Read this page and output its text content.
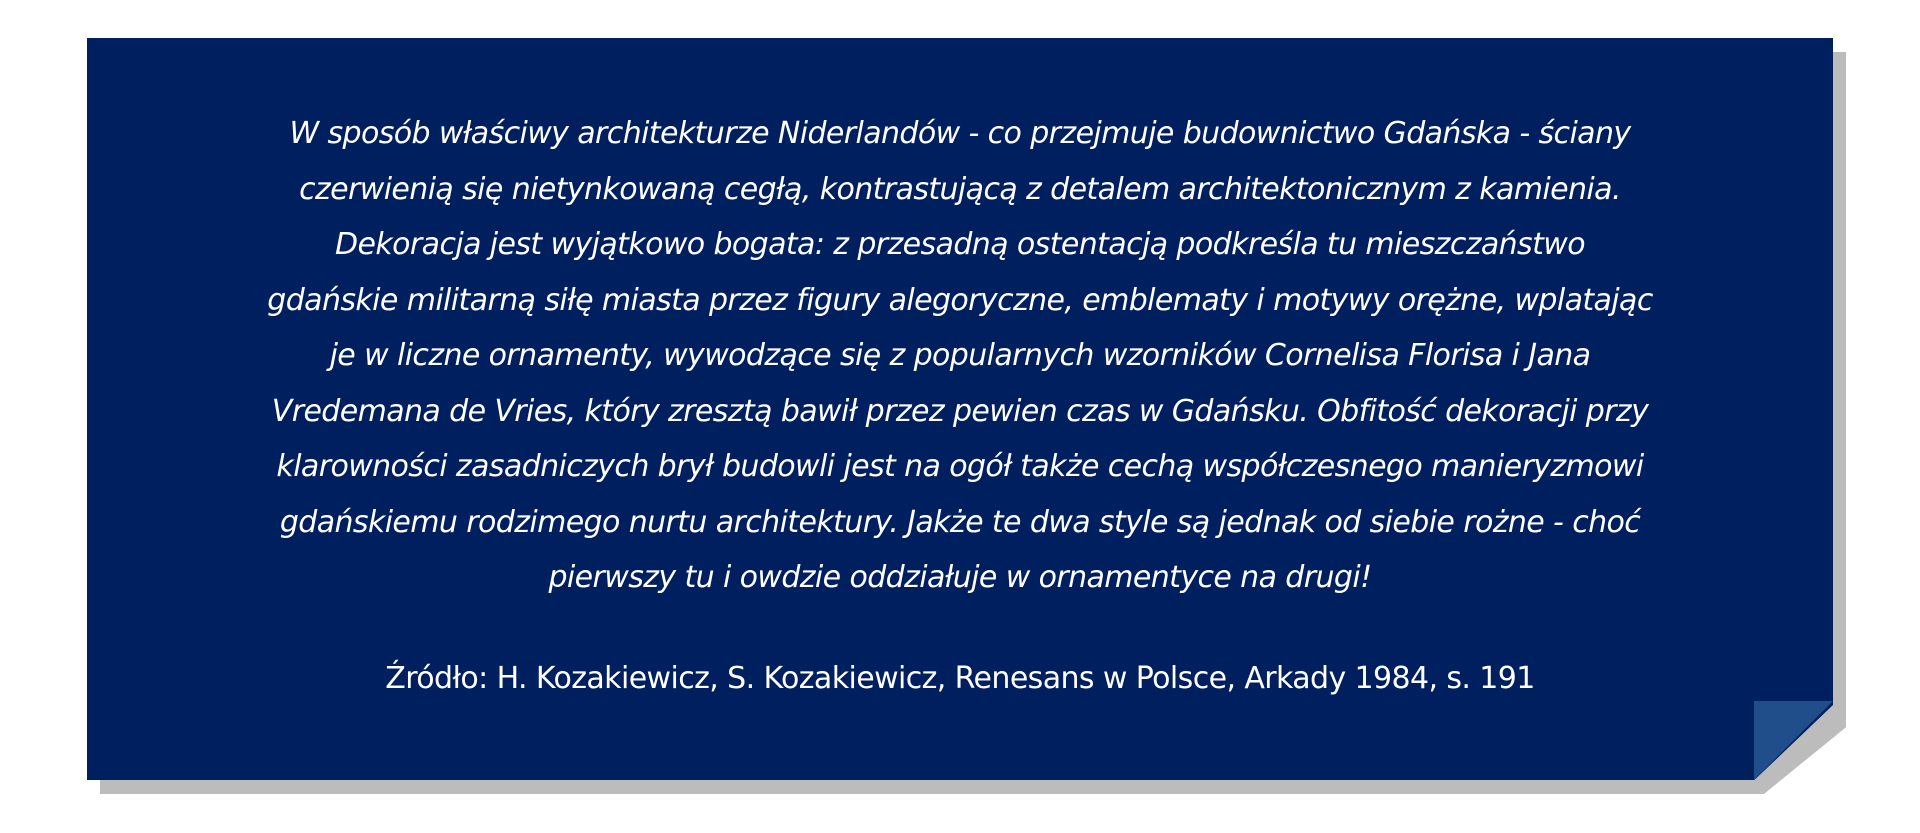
W sposób właściwy architekturze Niderlandów - co przejmuje budownictwo Gdańska - ściany
czerwienią się nietynkowaną cegłą, kontrastującą z detalem architektonicznym z kamienia.
Dekoracja jest wyjątkowo bogata: z przesadną ostentacją podkreśla tu mieszczaństwo
gdańskie militarną siłę miasta przez figury alegoryczne, emblematy i motywy orężne, wplatając
je w liczne ornamenty, wywodzące się z popularnych wzorników Cornelisa Florisa i Jana
Vredemana de Vries, który zresztą bawił przez pewien czas w Gdańsku. Obfitość dekoracji przy
klarowności zasadniczych brył budowli jest na ogół także cechą współczesnego manieryzmowi
gdańskiemu rodzimego nurtu architektury. Jakże te dwa style są jednak od siebie rożne - choć
pierwszy tu i owdzie oddziałuje w ornamentyce na drugi!

Źródło: H. Kozakiewicz, S. Kozakiewicz, Renesans w Polsce, Arkady 1984, s. 191
